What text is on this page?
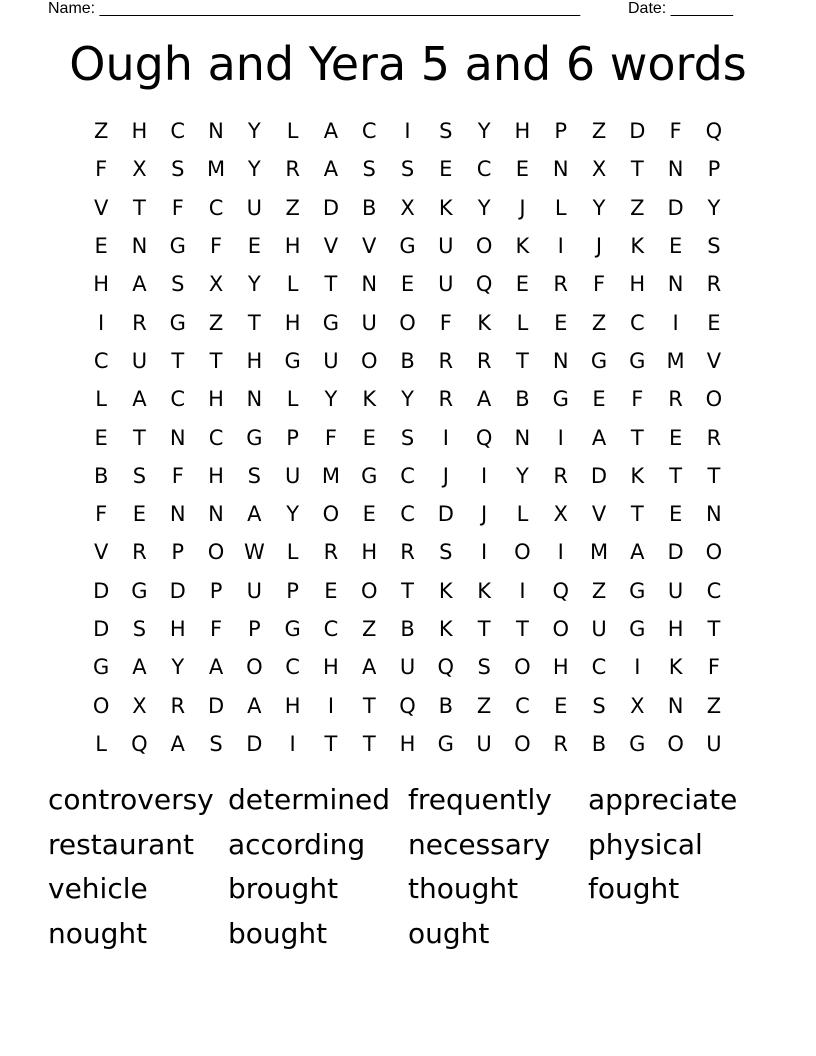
Name: ______________________________________________________	Date: _______
Ough and Yera 5 and 6 words
Z	H	C	N	Y	L	A	C	I	S	Y	H	P	Z	D	F	Q
F	X	S	M	Y	R	A	S	S	E	C	E	N	X	T	N	P
V	T	F	C	U	Z	D	B	X	K	Y	J	L	Y	Z	D	Y
E	N	G	F	E	H	V	V	G	U	O	K	I	J	K	E	S
H	A	S	X	Y	L	T	N	E	U	Q	E	R	F	H	N	R
I	R	G	Z	T	H	G	U	O	F	K	L	E	Z	C	I	E
C	U	T	T	H	G	U	O	B	R	R	T	N	G	G	M	V
L	A	C	H	N	L	Y	K	Y	R	A	B	G	E	F	R	O
E	T	N	C	G	P	F	E	S	I	Q	N	I	A	T	E	R
B	S	F	H	S	U	M	G	C	J	I	Y	R	D	K	T	T
F	E	N	N	A	Y	O	E	C	D	J	L	X	V	T	E	N
V	R	P	O W	L	R	H	R	S	I	O	I	M	A	D	O
D	G	D	P	U	P	E	O	T	K	K	I	Q	Z	G	U	C
D	S	H	F	P	G	C	Z	B	K	T	T	O	U	G	H	T
G	A	Y	A	O	C	H	A	U	Q	S	O	H	C	I	K	F
O	X	R	D	A	H	I	T	Q	B	Z	C	E	S	X	N	Z
L	Q	A	S	D	I	T	T	H	G	U	O	R	B	G	O	U
controversy determined frequently	appreciate
restaurant	according	necessary	physical
vehicle	brought	thought	fought
nought	bought	ought
